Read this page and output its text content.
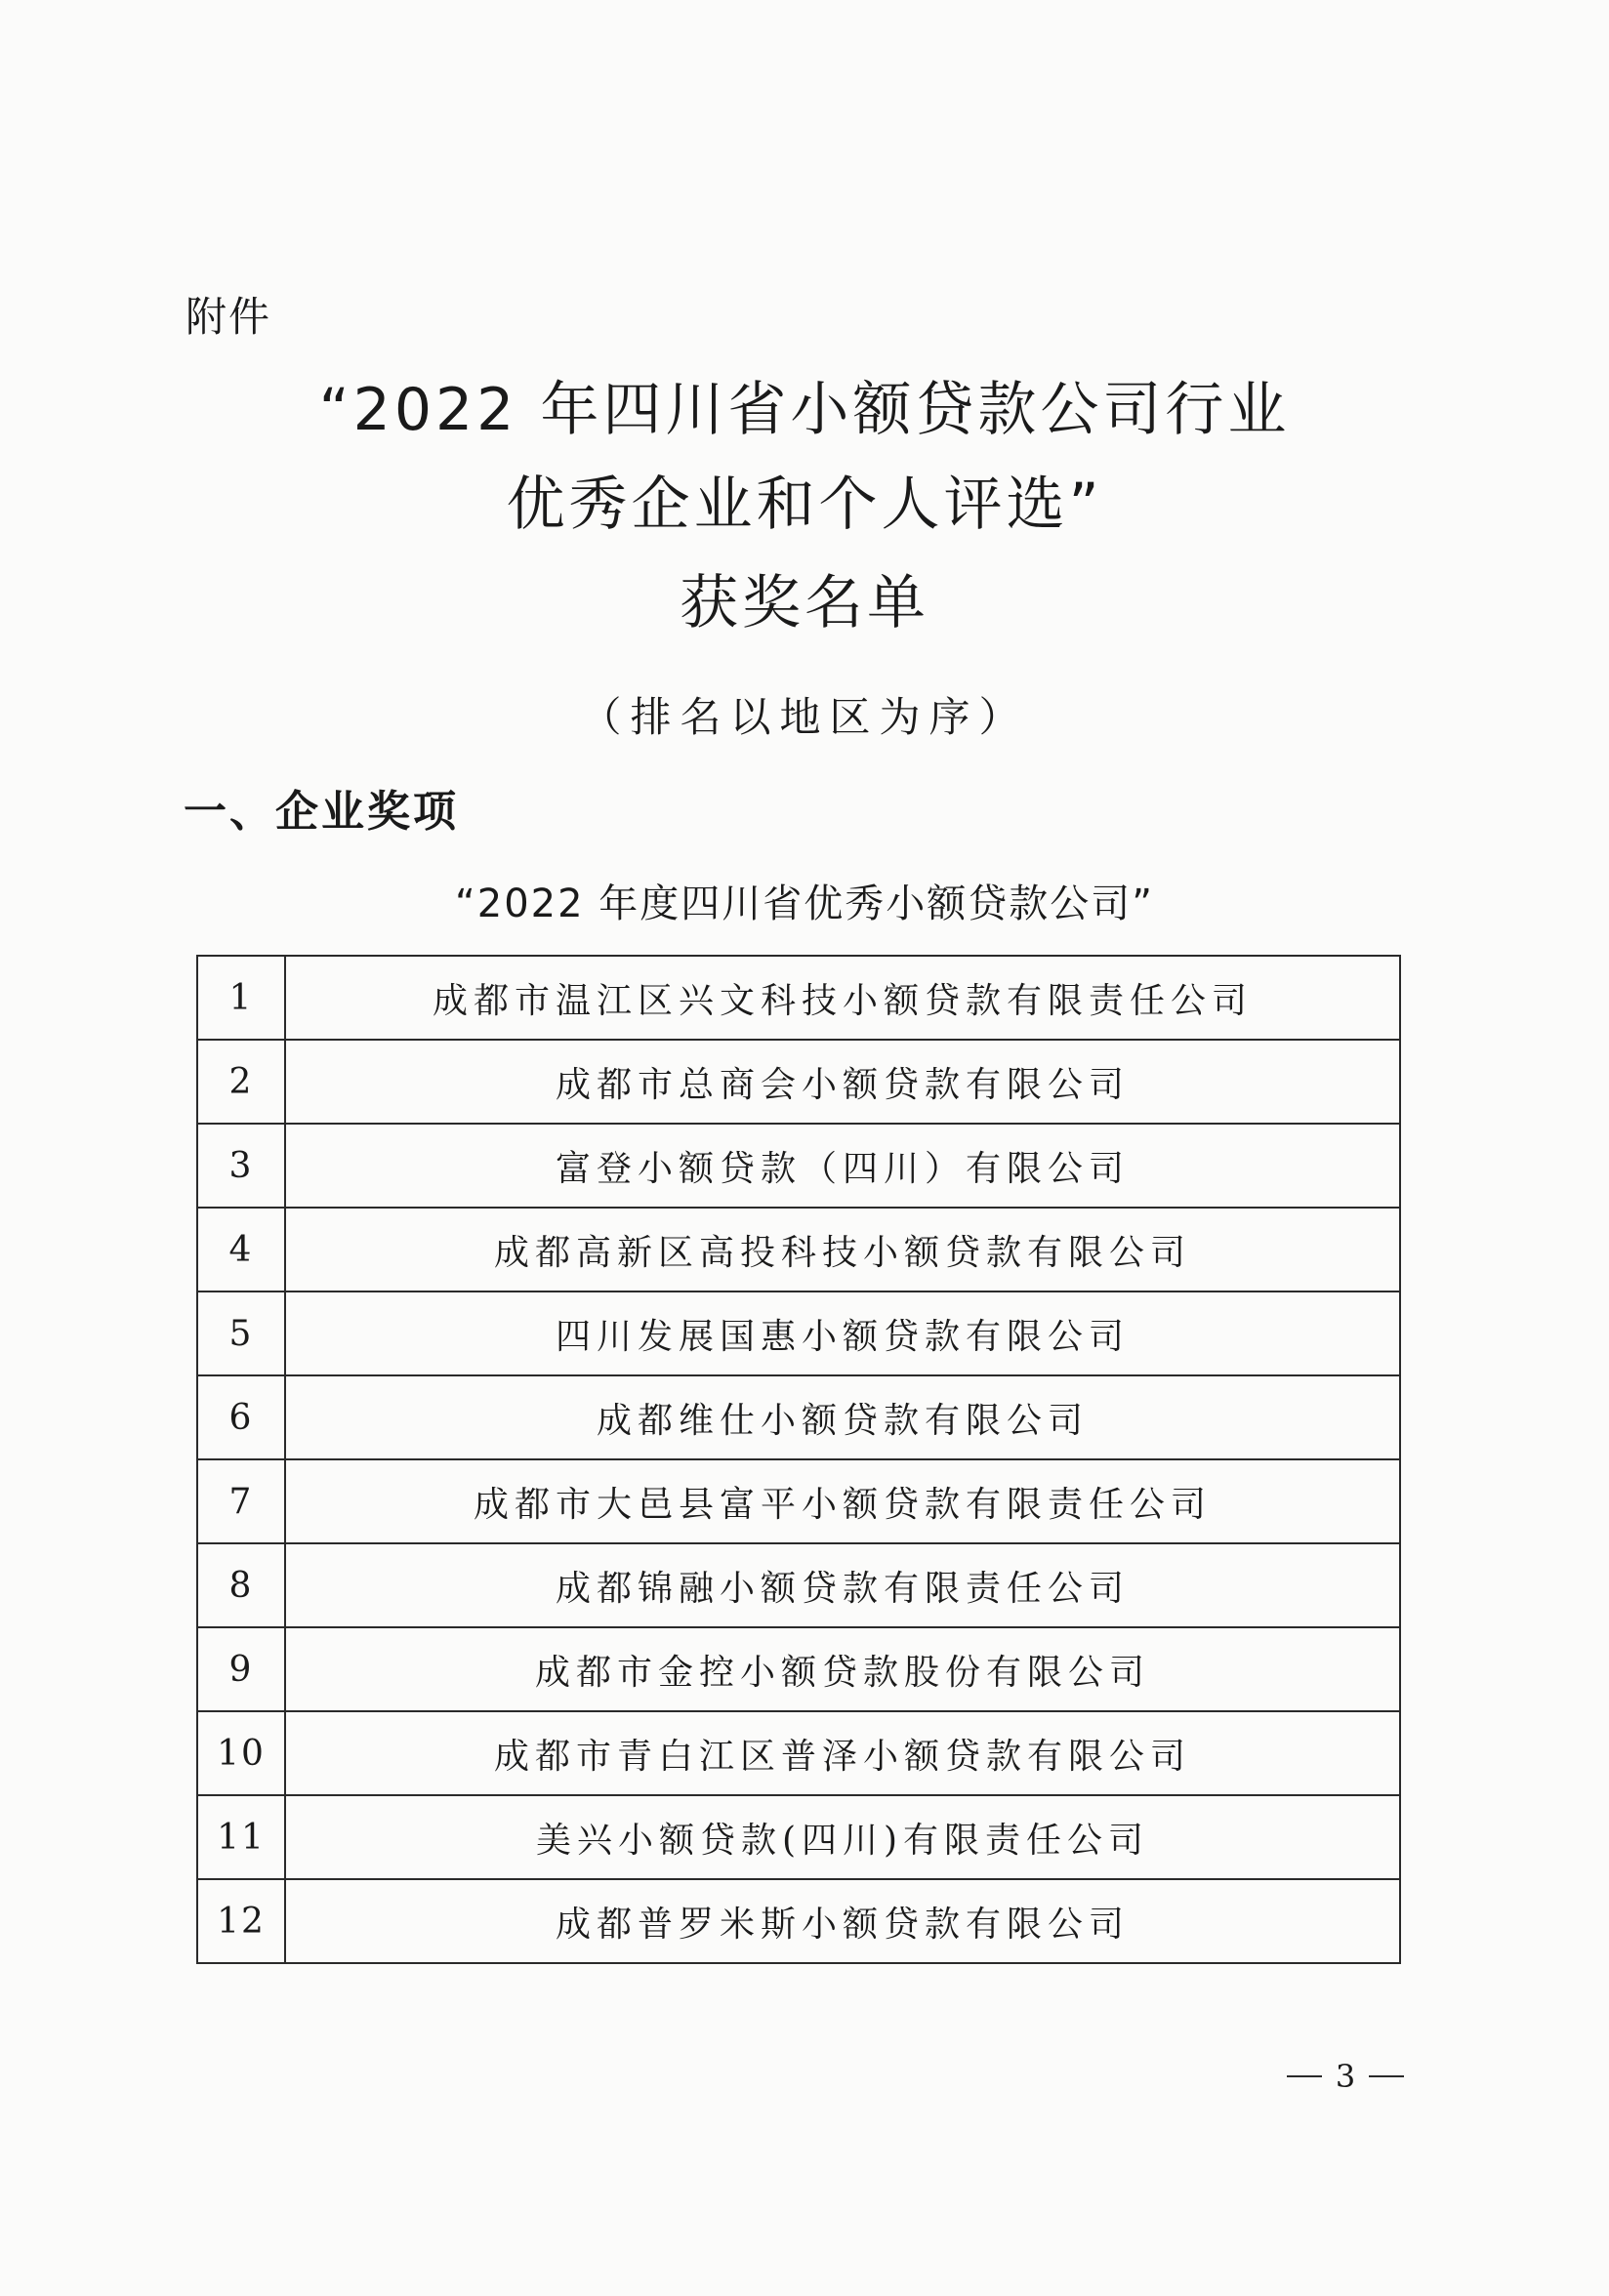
附件
“2022 年四川省小额贷款公司行业
优秀企业和个人评选”
获奖名单
（排名以地区为序）
一、企业奖项
“2022 年度四川省优秀小额贷款公司”
1	成都市温江区兴文科技小额贷款有限责任公司
2	成都市总商会小额贷款有限公司
3	富登小额贷款（四川）有限公司
4	成都高新区高投科技小额贷款有限公司
5	四川发展国惠小额贷款有限公司
6	成都维仕小额贷款有限公司
7	成都市大邑县富平小额贷款有限责任公司
8	成都锦融小额贷款有限责任公司
9	成都市金控小额贷款股份有限公司
10	成都市青白江区普泽小额贷款有限公司
11	美兴小额贷款(四川)有限责任公司
12	成都普罗米斯小额贷款有限公司
3
